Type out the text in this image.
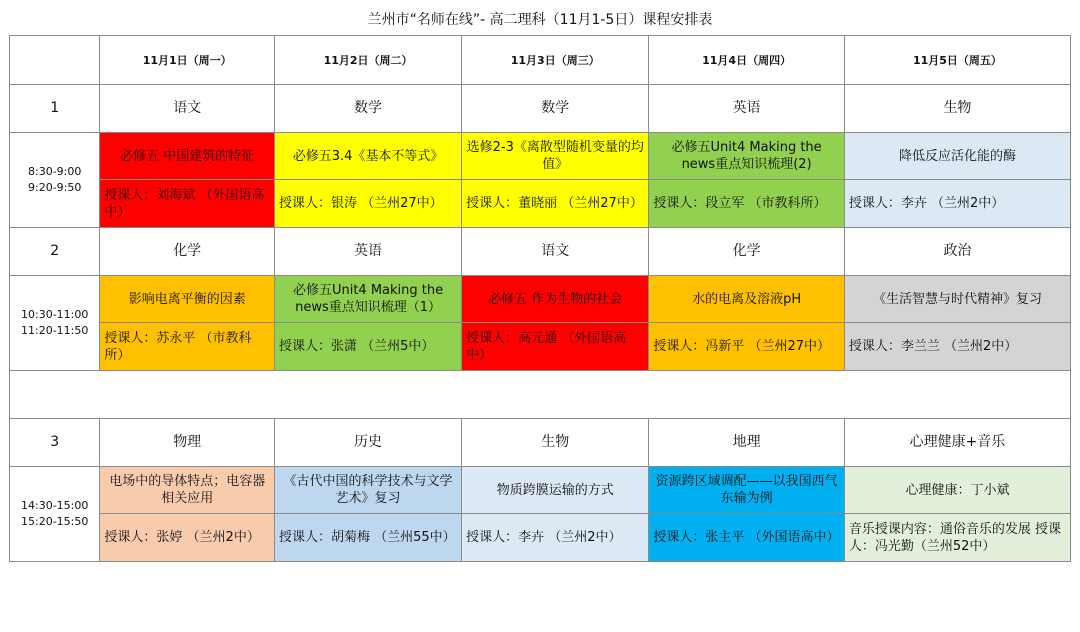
兰州市“名师在线”- 高二理科（11月1-5日）课程安排表
	11月1日（周一）	11月2日（周二）	11月3日（周三）	11月4日（周四）	11月5日（周五）
1	语文	数学	数学	英语	生物

8:30-9:00
9:20-9:50	必修五 中国建筑的特征	必修五3.4《基本不等式》	选修2-3《离散型随机变量的均值》	必修五Unit4 Making the news重点知识梳理(2)	降低反应活化能的酶
	授课人：刘海斌 （外国语高中）	授课人：银涛 （兰州27中）	授课人：董晓丽 （兰州27中）	授课人：段立军 （市教科所）	授课人：李卉 （兰州2中）
2	化学	英语	语文	化学	政治

10:30-11:00
11:20-11:50	影响电离平衡的因素	必修五Unit4 Making the news重点知识梳理（1）	必修五 作为生物的社会	水的电离及溶液pH	《生活智慧与时代精神》复习
	授课人：苏永平 （市教科所）	授课人：张潇 （兰州5中）	授课人：高元通 （外国语高中）	授课人：冯新平 （兰州27中）	授课人：李兰兰 （兰州2中）

3	物理	历史	生物	地理	心理健康+音乐

14:30-15:00
15:20-15:50	电场中的导体特点；电容器相关应用	《古代中国的科学技术与文学艺术》复习	物质跨膜运输的方式	资源跨区域调配——以我国西气东输为例	心理健康：丁小斌
	授课人：张婷 （兰州2中）	授课人：胡菊梅 （兰州55中）	授课人：李卉 （兰州2中）	授课人：张主平 （外国语高中）	音乐授课内容：通俗音乐的发展 授课人：冯光勤（兰州52中）
